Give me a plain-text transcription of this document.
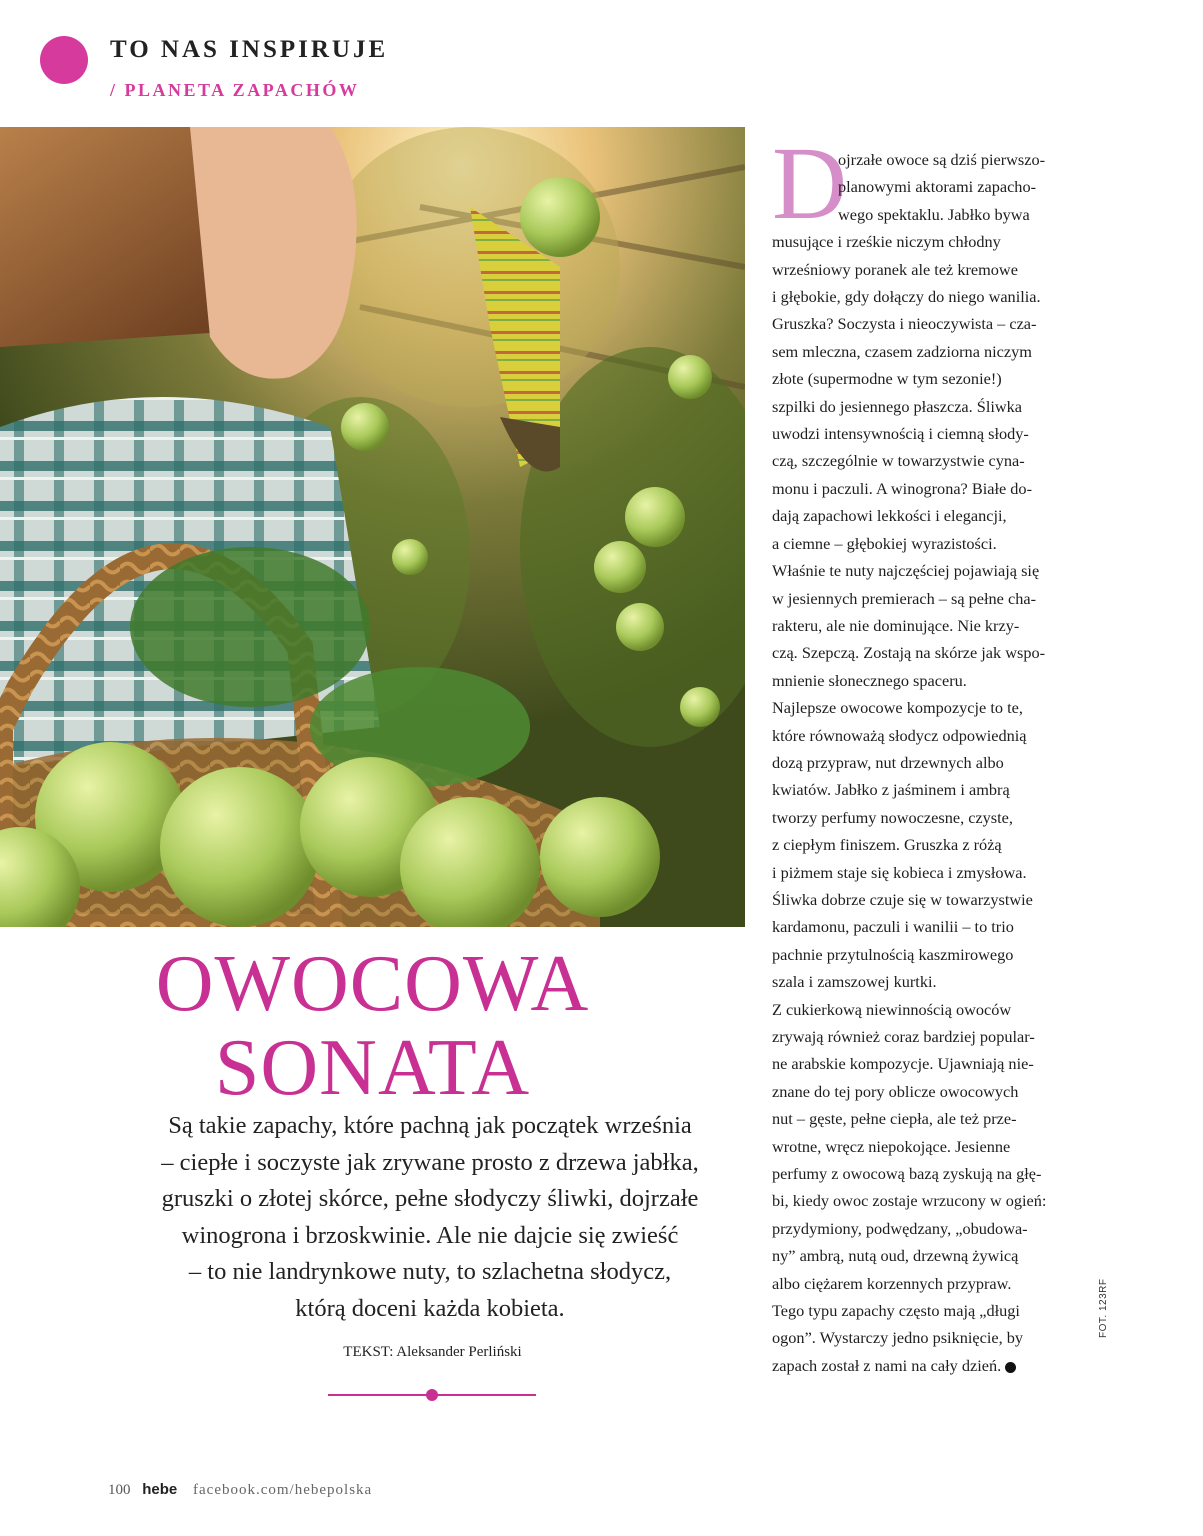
TO NAS INSPIRUJE
/ PLANETA ZAPACHÓW
OWOCOWA
SONATA
Są takie zapachy, które pachną jak początek września
– ciepłe i soczyste jak zrywane prosto z drzewa jabłka,
gruszki o złotej skórce, pełne słodyczy śliwki, dojrzałe
winogrona i brzoskwinie. Ale nie dajcie się zwieść
– to nie landrynkowe nuty, to szlachetna słodycz,
którą doceni każda kobieta.
TEKST: Aleksander Perliński
D
ojrzałe owoce są dziś pierwszo-
planowymi aktorami zapacho-
wego spektaklu. Jabłko bywa
musujące i rześkie niczym chłodny
wrześniowy poranek ale też kremowe
i głębokie, gdy dołączy do niego wanilia.
Gruszka? Soczysta i nieoczywista – cza-
sem mleczna, czasem zadziorna niczym
złote (supermodne w tym sezonie!)
szpilki do jesiennego płaszcza. Śliwka
uwodzi intensywnością i ciemną słody-
czą, szczególnie w towarzystwie cyna-
monu i paczuli. A winogrona? Białe do-
dają zapachowi lekkości i elegancji,
a ciemne – głębokiej wyrazistości.
Właśnie te nuty najczęściej pojawiają się
w jesiennych premierach – są pełne cha-
rakteru, ale nie dominujące. Nie krzy-
czą. Szepczą. Zostają na skórze jak wspo-
mnienie słonecznego spaceru.
Najlepsze owocowe kompozycje to te,
które równoważą słodycz odpowiednią
dozą przypraw, nut drzewnych albo
kwiatów. Jabłko z jaśminem i ambrą
tworzy perfumy nowoczesne, czyste,
z ciepłym finiszem. Gruszka z różą
i piżmem staje się kobieca i zmysłowa.
Śliwka dobrze czuje się w towarzystwie
kardamonu, paczuli i wanilii – to trio
pachnie przytulnością kaszmirowego
szala i zamszowej kurtki.
Z cukierkową niewinnością owoców
zrywają również coraz bardziej popular-
ne arabskie kompozycje. Ujawniają nie-
znane do tej pory oblicze owocowych
nut – gęste, pełne ciepła, ale też prze-
wrotne, wręcz niepokojące. Jesienne
perfumy z owocową bazą zyskują na głę-
bi, kiedy owoc zostaje wrzucony w ogień:
przydymiony, podwędzany, „obudowa-
ny” ambrą, nutą oud, drzewną żywicą
albo ciężarem korzennych przypraw.
Tego typu zapachy często mają „długi
ogon”. Wystarczy jedno psiknięcie, by
zapach został z nami na cały dzień.
FOT. 123RF
100 hebe facebook.com/hebepolska
